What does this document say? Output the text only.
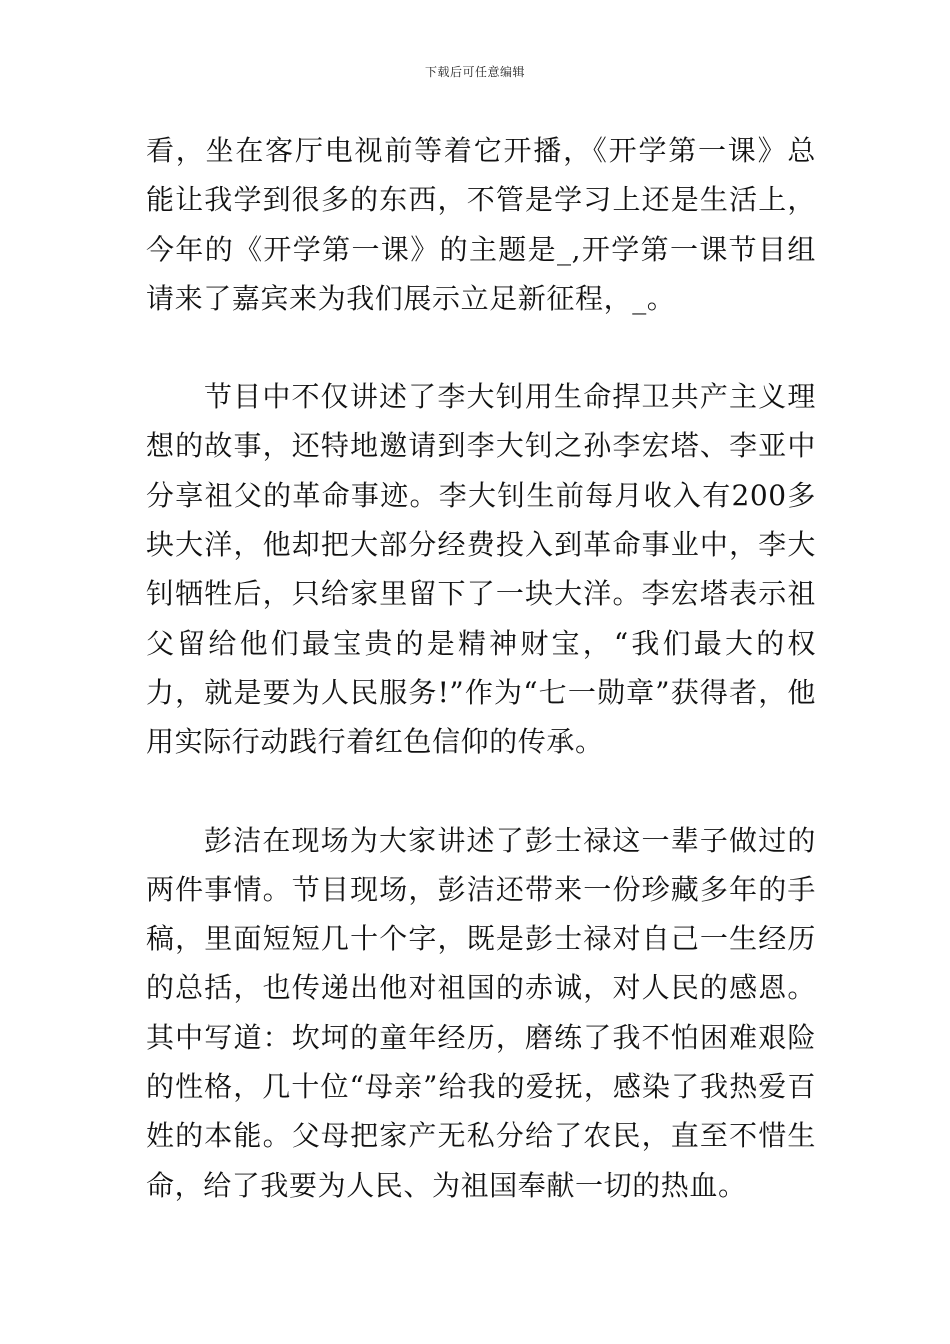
下载后可任意编辑

看，坐在客厅电视前等着它开播，《开学第一课》总能让我学到很多的东西，不管是学习上还是生活上，今年的《开学第一课》的主题是_,开学第一课节目组请来了嘉宾来为我们展示立足新征程，_。

节目中不仅讲述了李大钊用生命捍卫共产主义理想的故事，还特地邀请到李大钊之孙李宏塔、李亚中分享祖父的革命事迹。李大钊生前每月收入有200多块大洋，他却把大部分经费投入到革命事业中，李大钊牺牲后，只给家里留下了一块大洋。李宏塔表示祖父留给他们最宝贵的是精神财宝，“我们最大的权力，就是要为人民服务!”作为“七一勋章”获得者，他用实际行动践行着红色信仰的传承。

彭洁在现场为大家讲述了彭士禄这一辈子做过的两件事情。节目现场，彭洁还带来一份珍藏多年的手稿，里面短短几十个字，既是彭士禄对自己一生经历的总括，也传递出他对祖国的赤诚，对人民的感恩。其中写道：坎坷的童年经历，磨练了我不怕困难艰险的性格，几十位“母亲”给我的爱抚，感染了我热爱百姓的本能。父母把家产无私分给了农民，直至不惜生命，给了我要为人民、为祖国奉献一切的热血。
